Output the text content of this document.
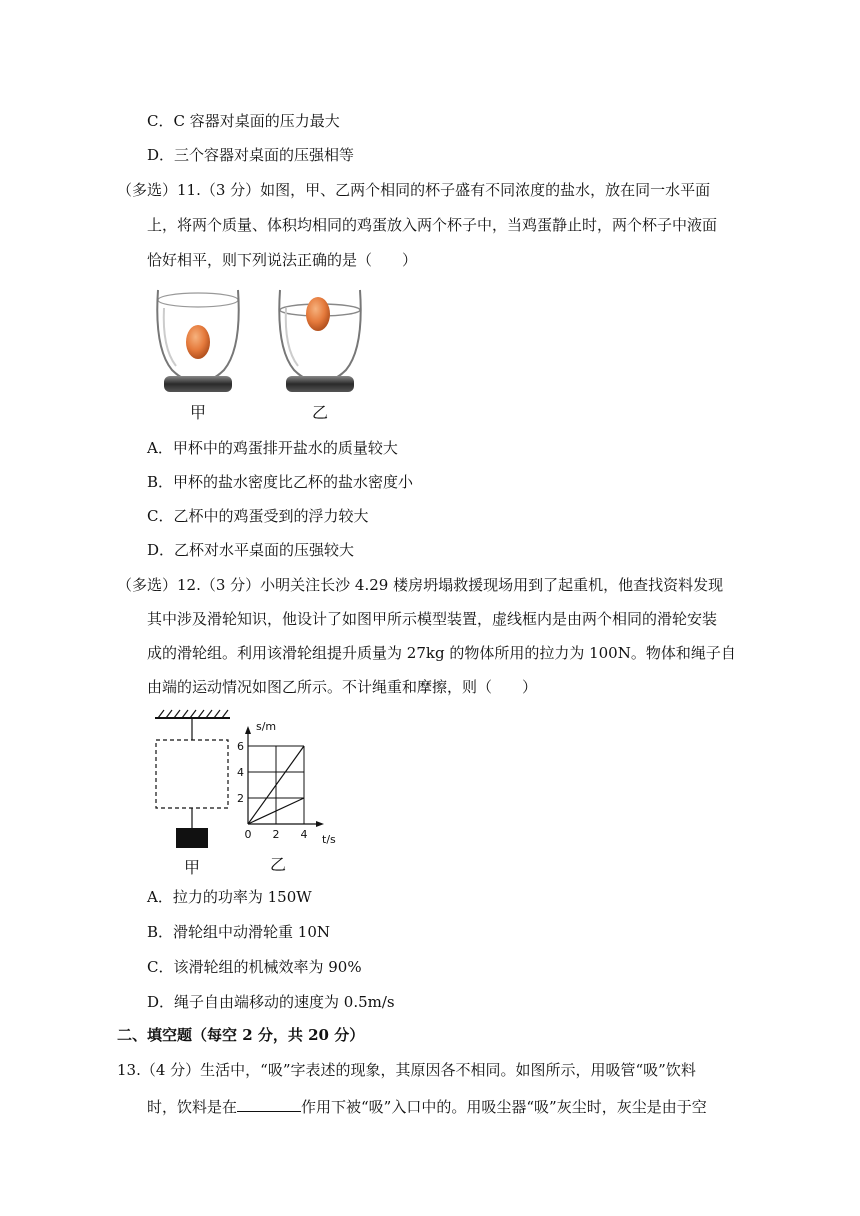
C．C 容器对桌面的压力最大
D．三个容器对桌面的压强相等
（多选）11.（3 分）如图，甲、乙两个相同的杯子盛有不同浓度的盐水，放在同一水平面
上，将两个质量、体积均相同的鸡蛋放入两个杯子中，当鸡蛋静止时，两个杯子中液面
恰好相平，则下列说法正确的是（　　）
甲	乙
A．甲杯中的鸡蛋排开盐水的质量较大
B．甲杯的盐水密度比乙杯的盐水密度小
C．乙杯中的鸡蛋受到的浮力较大
D．乙杯对水平桌面的压强较大
（多选）12.（3 分）小明关注长沙 4.29 楼房坍塌救援现场用到了起重机，他查找资料发现
其中涉及滑轮知识，他设计了如图甲所示模型装置，虚线框内是由两个相同的滑轮安装
成的滑轮组。利用该滑轮组提升质量为 27kg 的物体所用的拉力为 100N。物体和绳子自
由端的运动情况如图乙所示。不计绳重和摩擦，则（　　）
甲
2
4
6
0 2 4
s/m
t/s
乙
A．拉力的功率为 150W
B．滑轮组中动滑轮重 10N
C．该滑轮组的机械效率为 90%
D．绳子自由端移动的速度为 0.5m/s
二、填空题（每空 2 分，共 20 分）
13.（4 分）生活中，“吸”字表述的现象，其原因各不相同。如图所示，用吸管“吸”饮料
时，饮料是在	作用下被“吸”入口中的。用吸尘器“吸”灰尘时，灰尘是由于空
